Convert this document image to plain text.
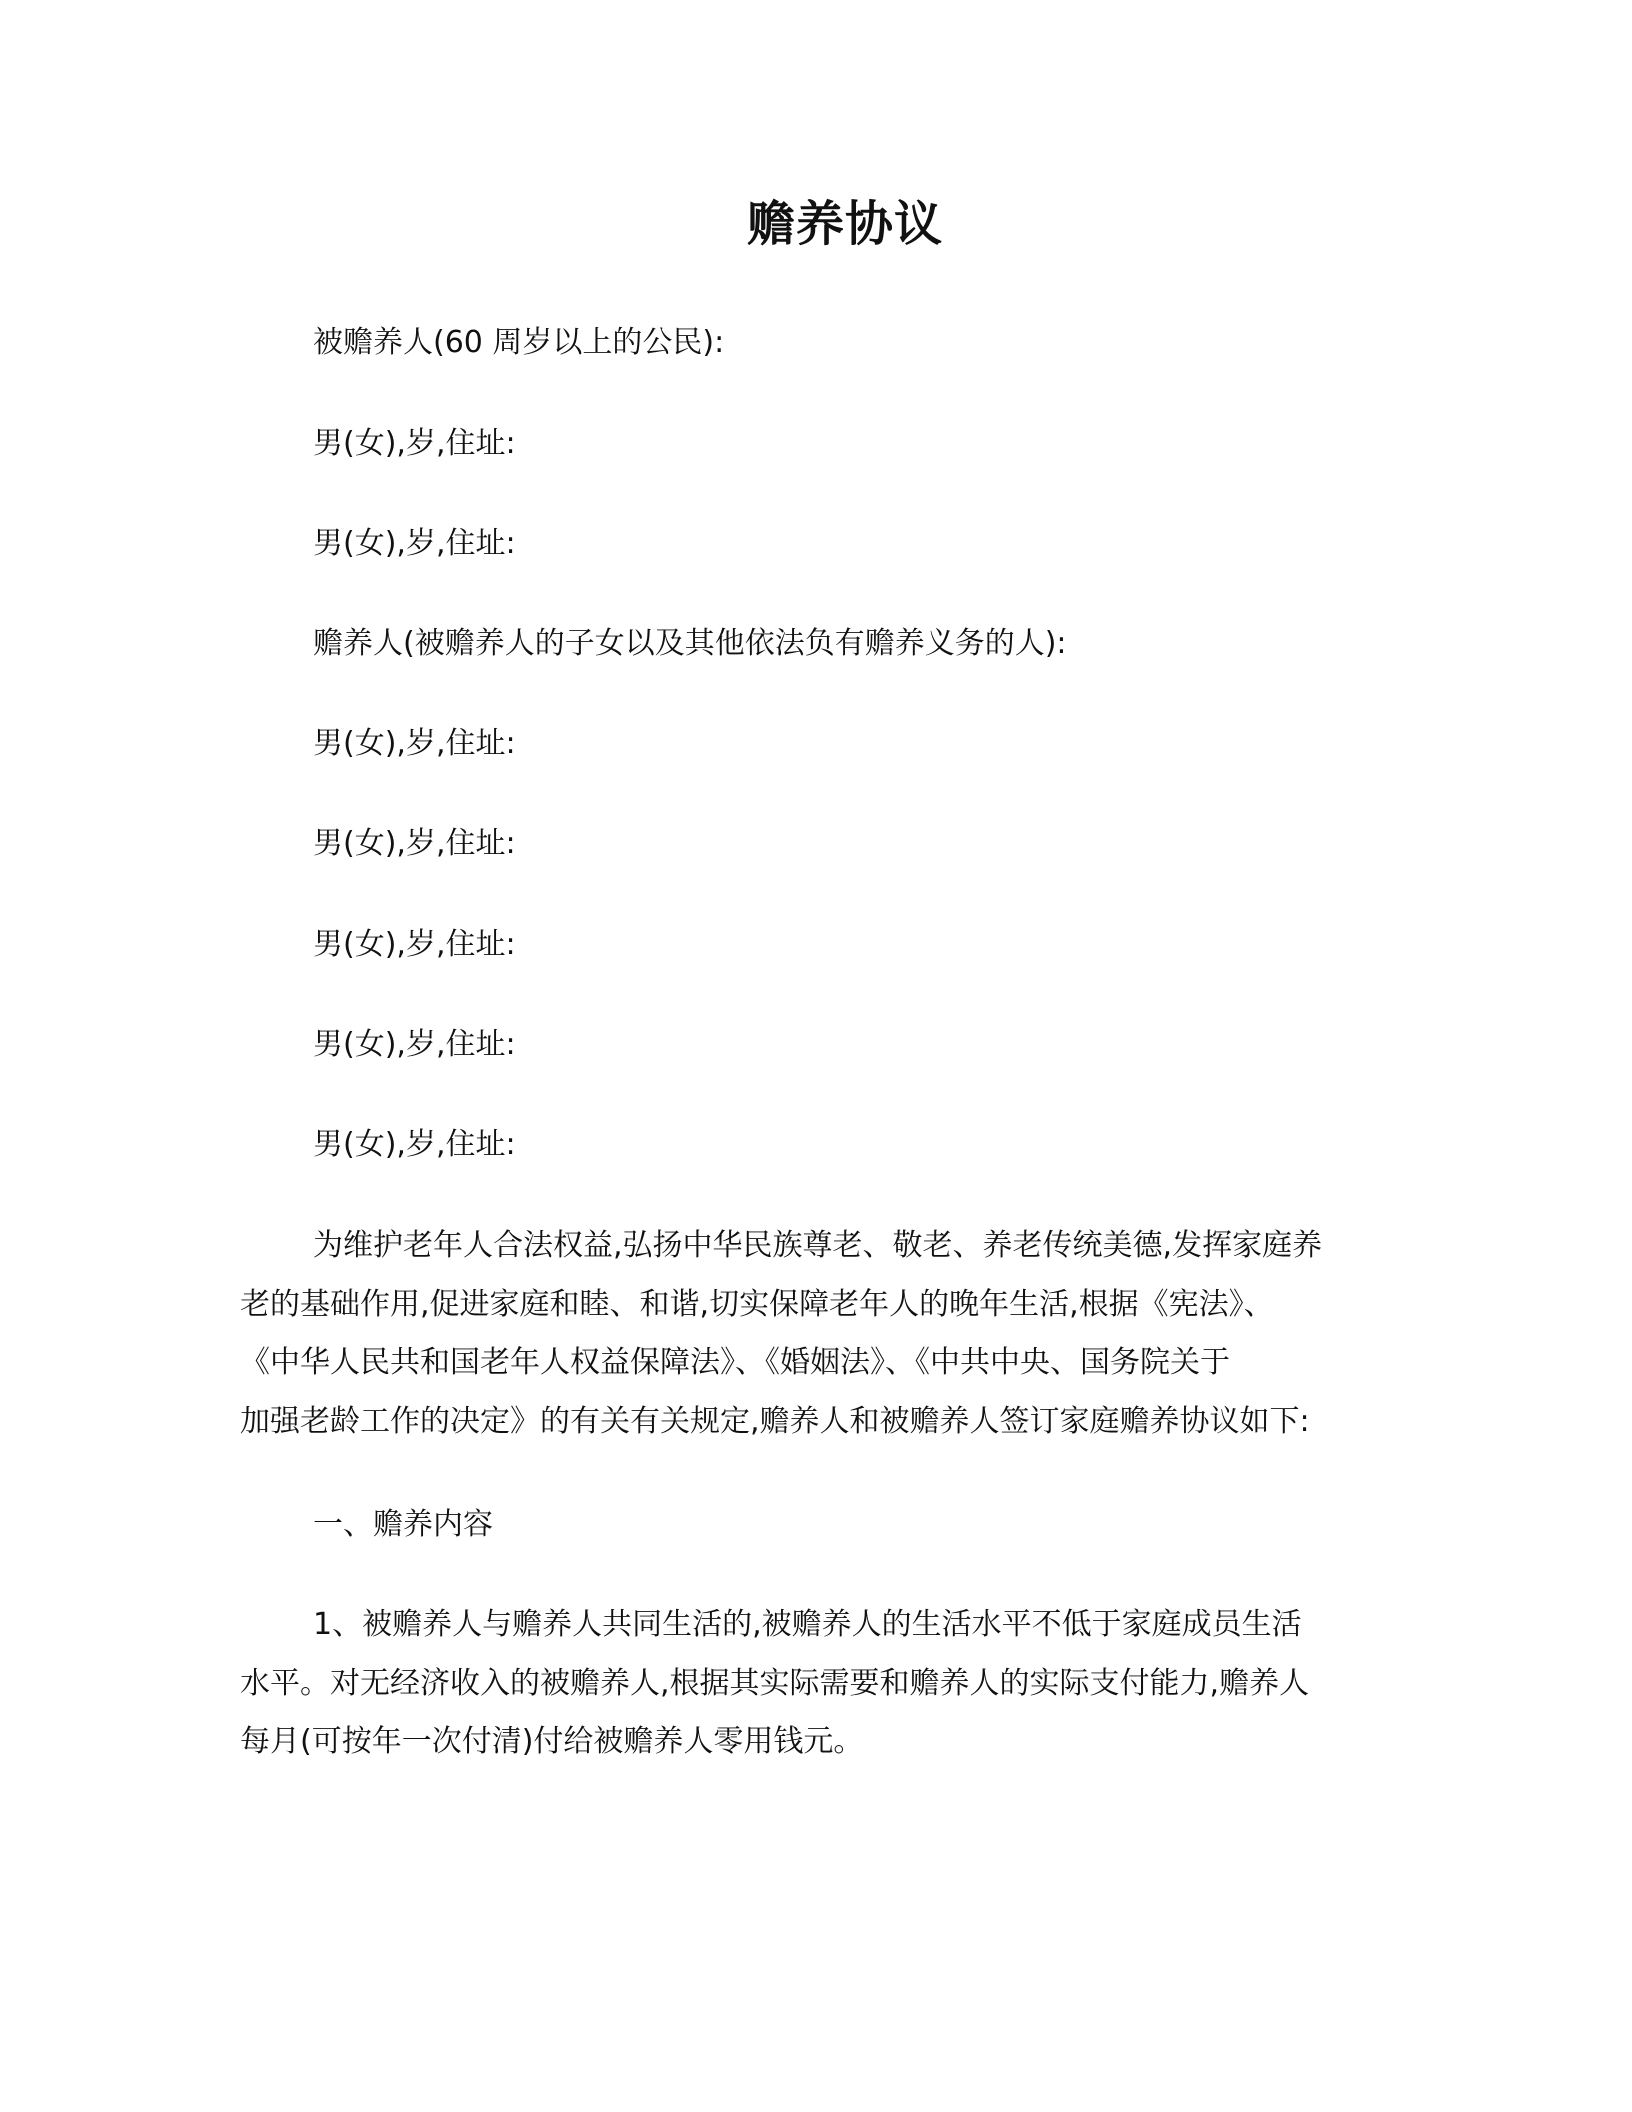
赡养协议
被赡养人(60 周岁以上的公民):
男(女),岁,住址:
男(女),岁,住址:
赡养人(被赡养人的子女以及其他依法负有赡养义务的人):
男(女),岁,住址:
男(女),岁,住址:
男(女),岁,住址:
男(女),岁,住址:
男(女),岁,住址:
为维护老年人合法权益,弘扬中华民族尊老、敬老、养老传统美德,发挥家庭养
老的基础作用,促进家庭和睦、和谐,切实保障老年人的晚年生活,根据《宪法》、
《中华人民共和国老年人权益保障法》、《婚姻法》、《中共中央、国务院关于
加强老龄工作的决定》的有关有关规定,赡养人和被赡养人签订家庭赡养协议如下:
一、赡养内容
1、被赡养人与赡养人共同生活的,被赡养人的生活水平不低于家庭成员生活
水平。对无经济收入的被赡养人,根据其实际需要和赡养人的实际支付能力,赡养人
每月(可按年一次付清)付给被赡养人零用钱元。
